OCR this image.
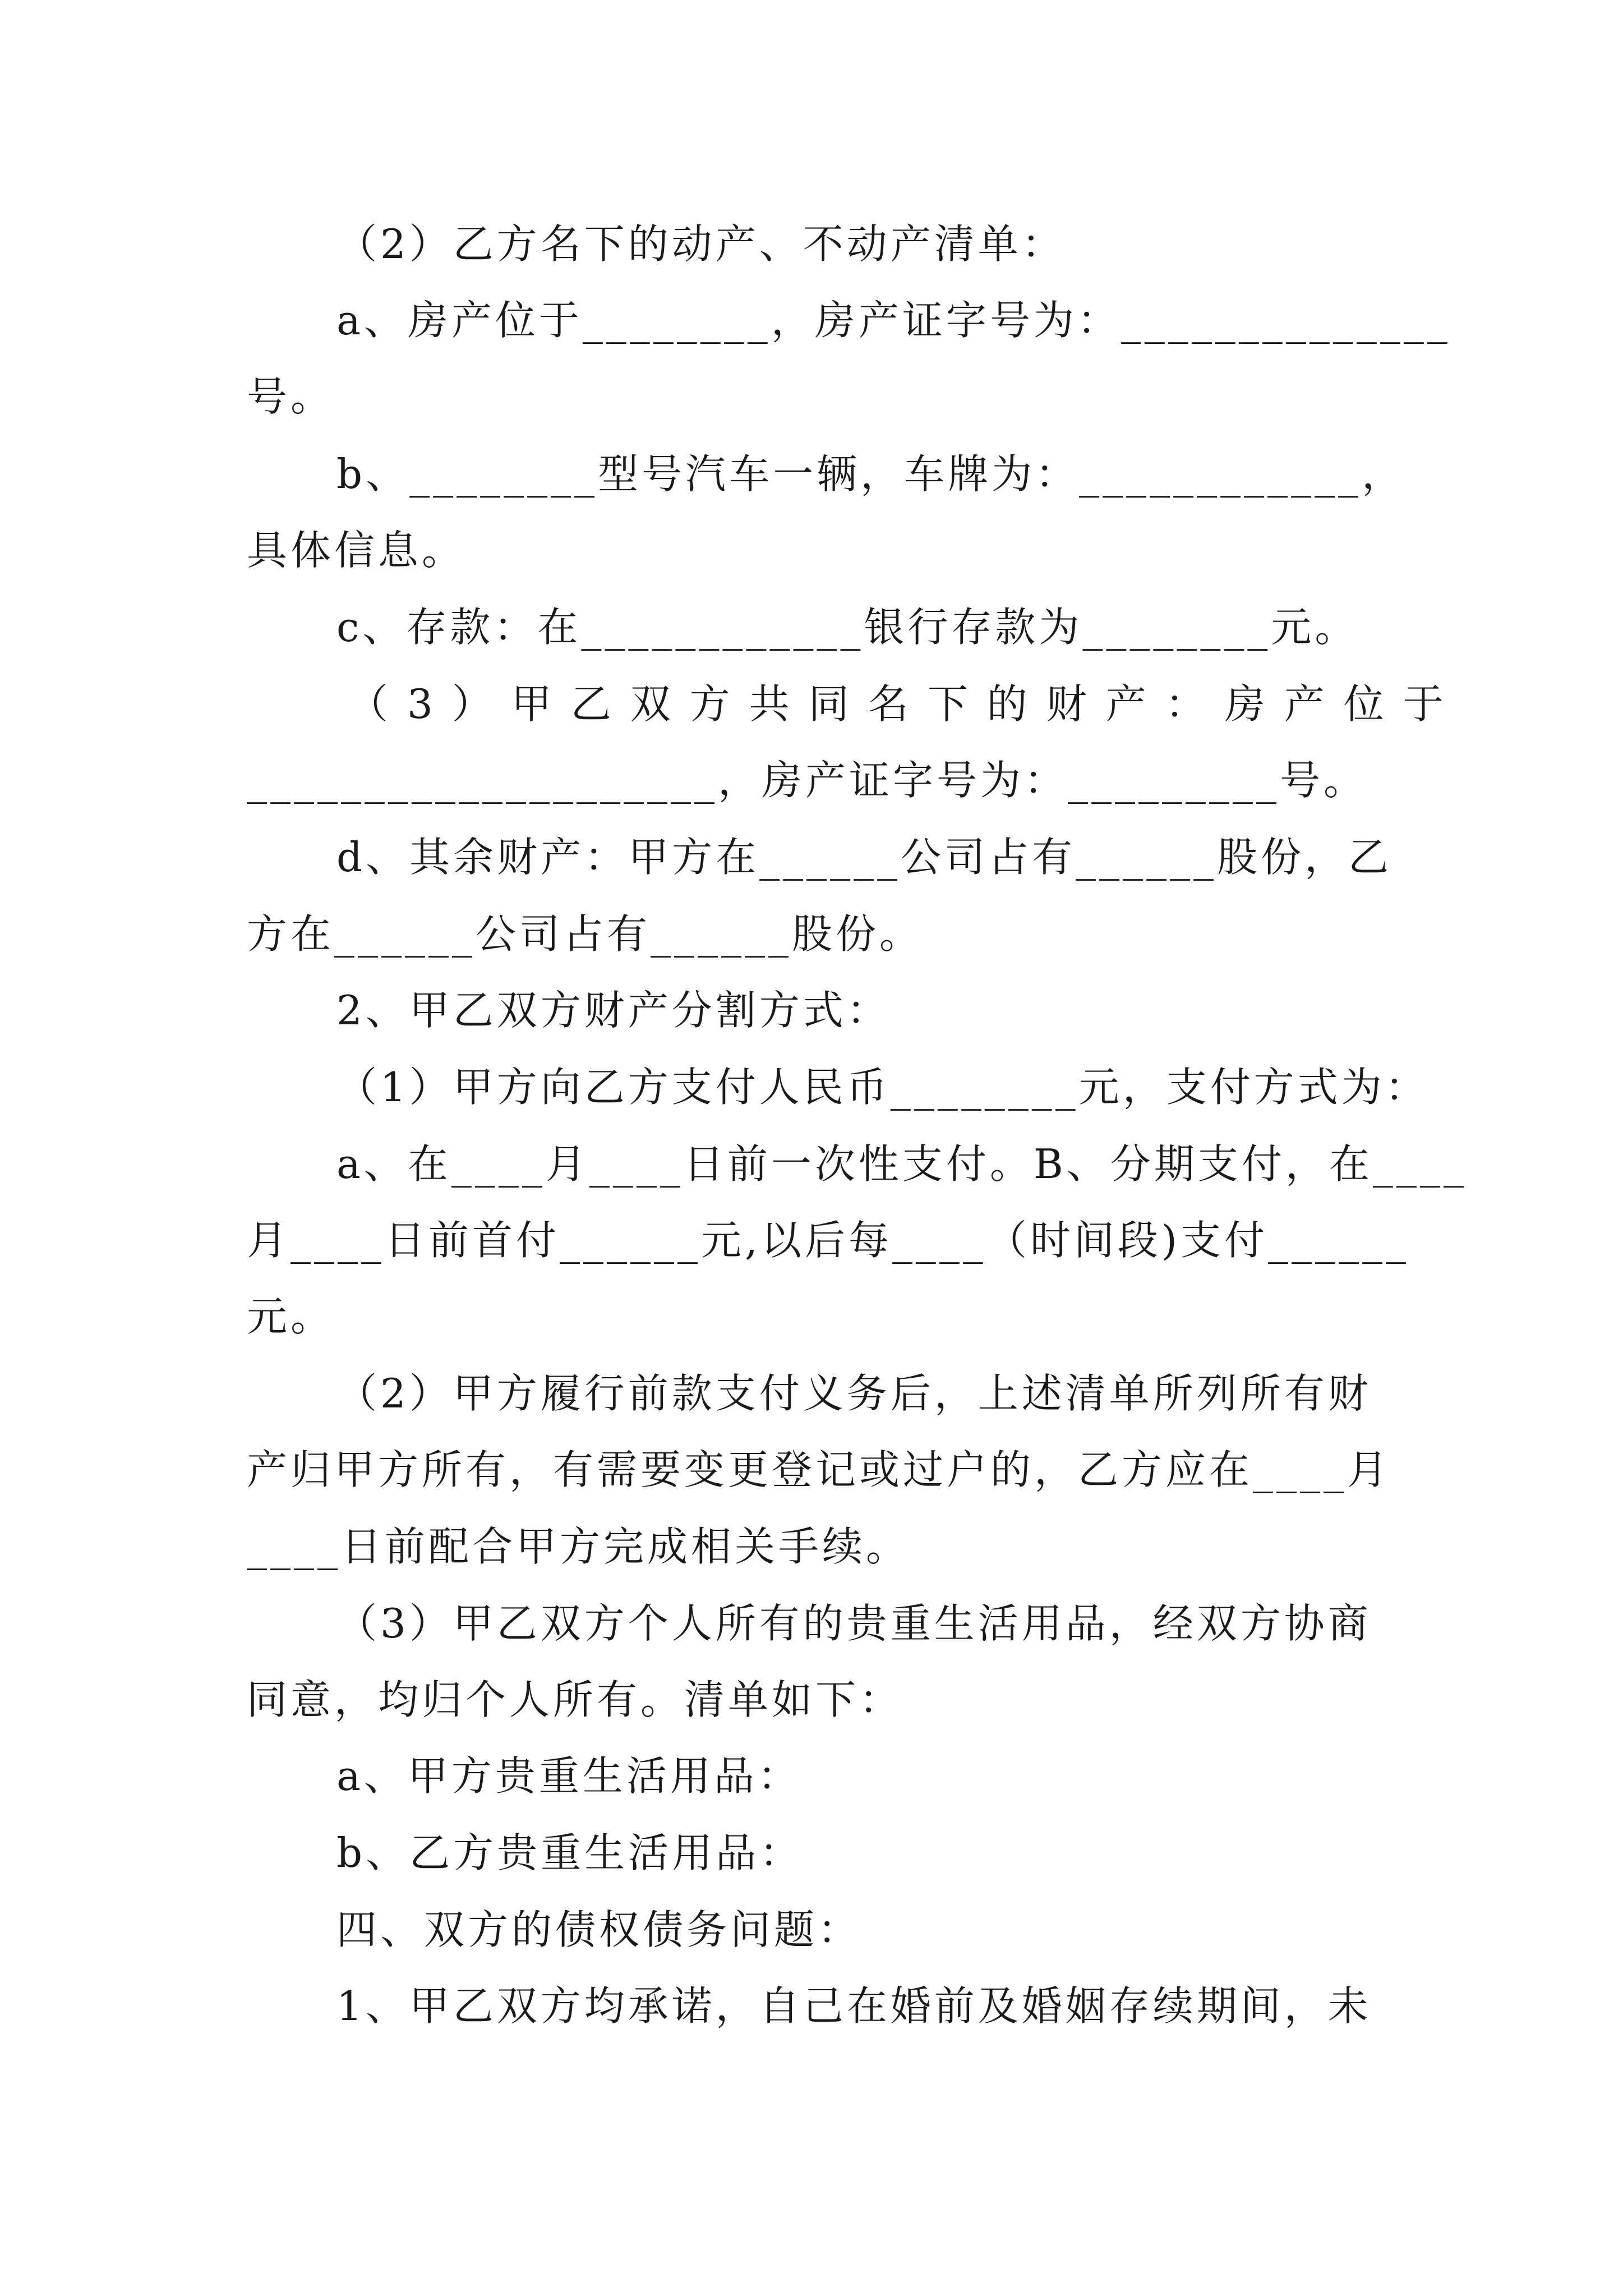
（2）乙方名下的动产、不动产清单：
a、房产位于________，房产证字号为：______________
号。
b、________型号汽车一辆，车牌为：____________，
具体信息。
c、存款：在____________银行存款为________元。
（3）甲乙双方共同名下的财产：房产位于
____________________，房产证字号为：_________号。
d、其余财产：甲方在______公司占有______股份，乙
方在______公司占有______股份。
2、甲乙双方财产分割方式：
（1）甲方向乙方支付人民币________元，支付方式为：
a、在____月____日前一次性支付。B、分期支付，在____
月____日前首付______元,以后每____（时间段)支付______
元。
（2）甲方履行前款支付义务后，上述清单所列所有财
产归甲方所有，有需要变更登记或过户的，乙方应在____月
____日前配合甲方完成相关手续。
（3）甲乙双方个人所有的贵重生活用品，经双方协商
同意，均归个人所有。清单如下：
a、甲方贵重生活用品：
b、乙方贵重生活用品：
四、双方的债权债务问题：
1、甲乙双方均承诺，自己在婚前及婚姻存续期间，未
